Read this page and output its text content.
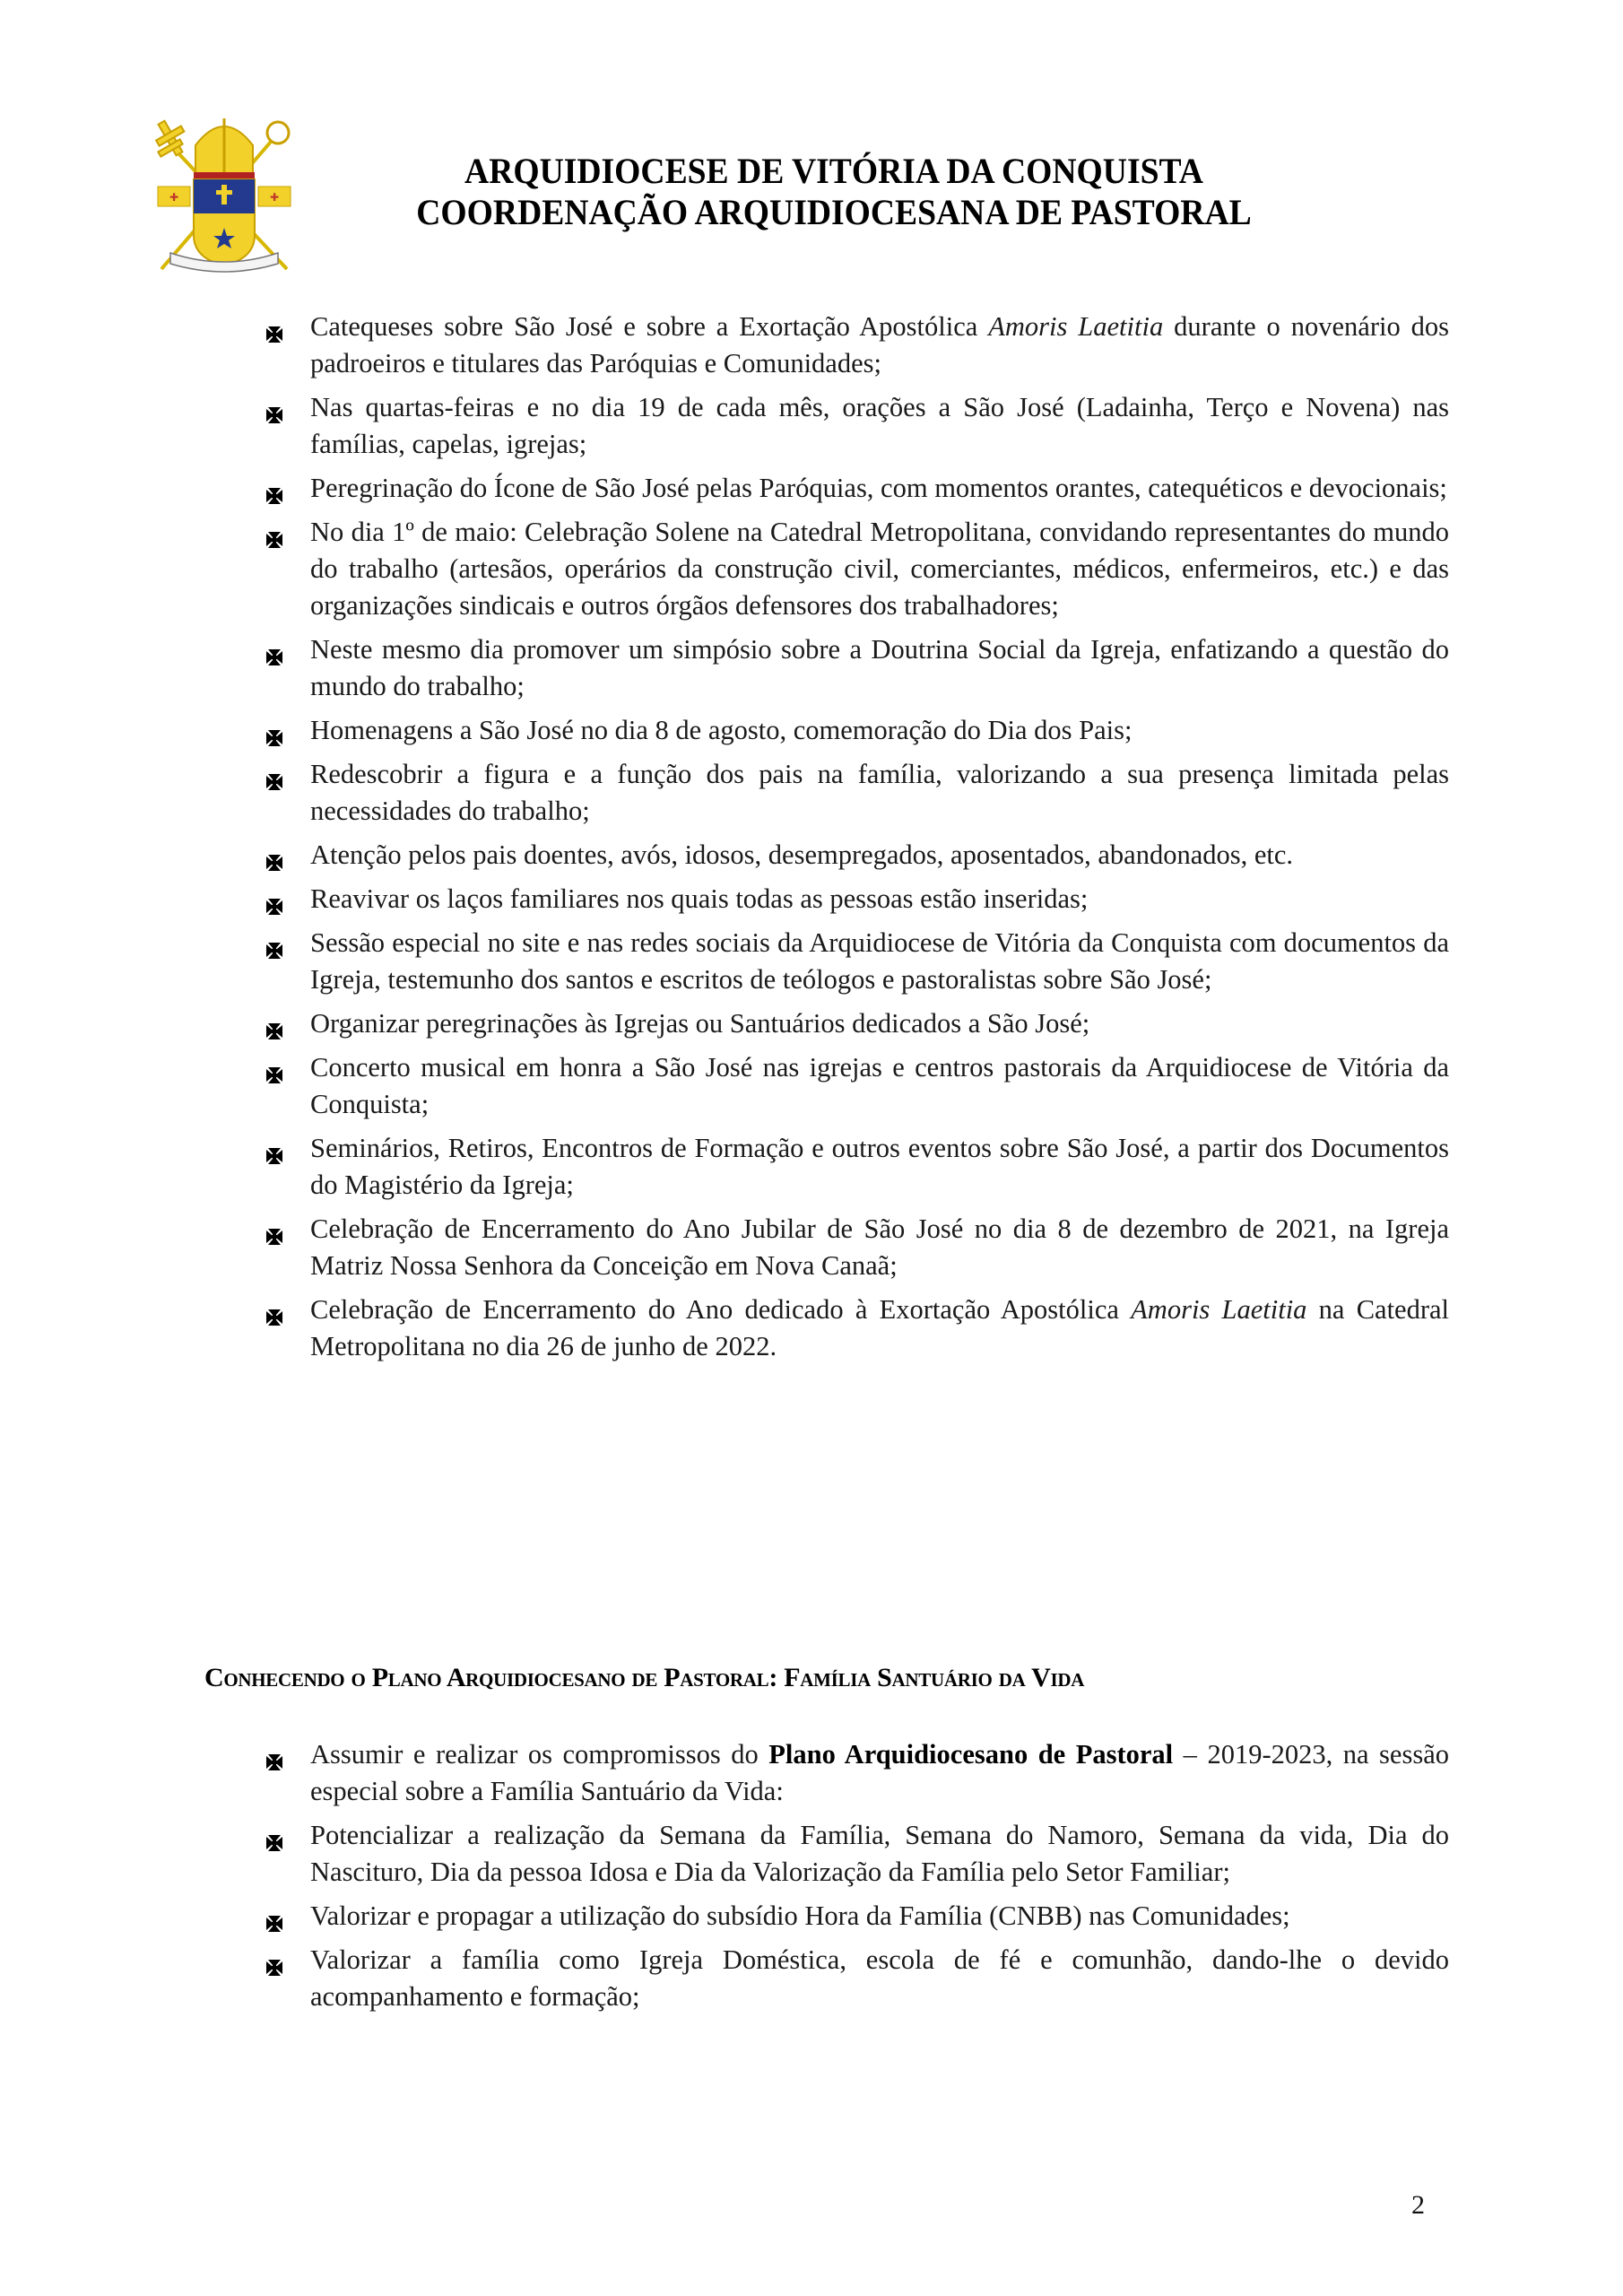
✚	✚
ARQUIDIOCESE DE VITÓRIA DA CONQUISTA
COORDENAÇÃO ARQUIDIOCESANA DE PASTORAL
Catequeses sobre São José e sobre a Exortação Apostólica Amoris Laetitia durante o novenário dos padroeiros e titulares das Paróquias e Comunidades;
Nas quartas-feiras e no dia 19 de cada mês, orações a São José (Ladainha, Terço e Novena) nas famílias, capelas, igrejas;
Peregrinação do Ícone de São José pelas Paróquias, com momentos orantes, catequéticos e devocionais;
No dia 1º de maio: Celebração Solene na Catedral Metropolitana, convidando representantes do mundo do trabalho (artesãos, operários da construção civil, comerciantes, médicos, enfermeiros, etc.) e das organizações sindicais e outros órgãos defensores dos trabalhadores;
Neste mesmo dia promover um simpósio sobre a Doutrina Social da Igreja, enfatizando a questão do mundo do trabalho;
Homenagens a São José no dia 8 de agosto, comemoração do Dia dos Pais;
Redescobrir a figura e a função dos pais na família, valorizando a sua presença limitada pelas necessidades do trabalho;
Atenção pelos pais doentes, avós, idosos, desempregados, aposentados, abandonados, etc.
Reavivar os laços familiares nos quais todas as pessoas estão inseridas;
Sessão especial no site e nas redes sociais da Arquidiocese de Vitória da Conquista com documentos da Igreja, testemunho dos santos e escritos de teólogos e pastoralistas sobre São José;
Organizar peregrinações às Igrejas ou Santuários dedicados a São José;
Concerto musical em honra a São José nas igrejas e centros pastorais da Arquidiocese de Vitória da Conquista;
Seminários, Retiros, Encontros de Formação e outros eventos sobre São José, a partir dos Documentos do Magistério da Igreja;
Celebração de Encerramento do Ano Jubilar de São José no dia 8 de dezembro de 2021, na Igreja Matriz Nossa Senhora da Conceição em Nova Canaã;
Celebração de Encerramento do Ano dedicado à Exortação Apostólica Amoris Laetitia na Catedral Metropolitana no dia 26 de junho de 2022.
Conhecendo o Plano Arquidiocesano de Pastoral: Família Santuário da Vida
Assumir e realizar os compromissos do Plano Arquidiocesano de Pastoral – 2019-2023, na sessão especial sobre a Família Santuário da Vida:
Potencializar a realização da Semana da Família, Semana do Namoro, Semana da vida, Dia do Nascituro, Dia da pessoa Idosa e Dia da Valorização da Família pelo Setor Familiar;
Valorizar e propagar a utilização do subsídio Hora da Família (CNBB) nas Comunidades;
Valorizar a família como Igreja Doméstica, escola de fé e comunhão, dando-lhe o devido acompanhamento e formação;
2
